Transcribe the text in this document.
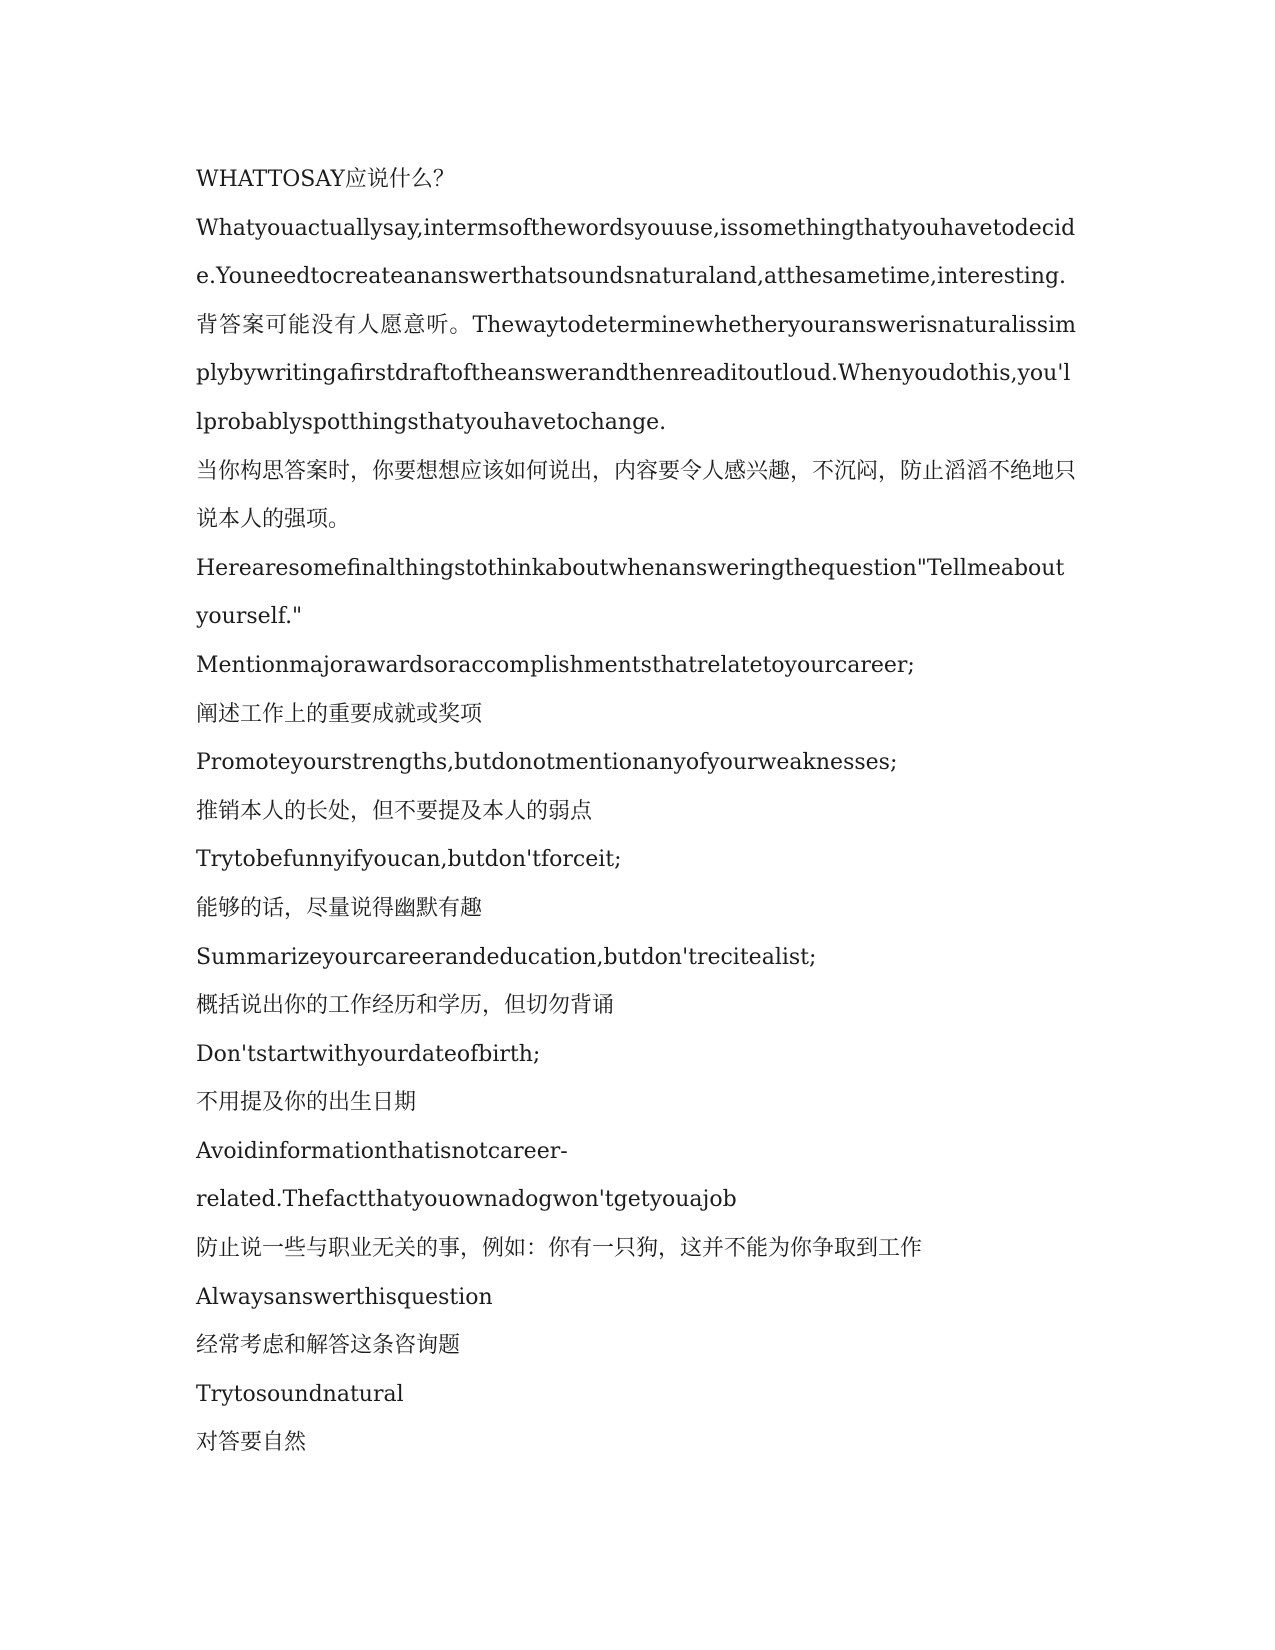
WHATTOSAY应说什么？

Whatyouactuallysay,intermsofthewordsyouuse,issomethingthatyouhavetodecide.Youneedtocreateananswerthatsoundsnaturaland,atthesametime,interesting.背答案可能没有人愿意听。Thewaytodeterminewhetheryouranswerisnaturalissimplybywritingafirstdraftoftheanswerandthenreaditoutloud.Whenyoudothis,you'llprobablyspotthingsthatyouhavetochange.

当你构思答案时，你要想想应该如何说出，内容要令人感兴趣，不沉闷，防止滔滔不绝地只说本人的强项。

Herearesomefinalthingstothinkaboutwhenansweringthequestion"Tellmeaboutyourself."

Mentionmajorawardsoraccomplishmentsthatrelatetoyourcareer;

阐述工作上的重要成就或奖项

Promoteyourstrengths,butdonotmentionanyofyourweaknesses;

推销本人的长处，但不要提及本人的弱点

Trytobefunnyifyoucan,butdon'tforceit;

能够的话，尽量说得幽默有趣

Summarizeyourcareerandeducation,butdon'trecitealist;

概括说出你的工作经历和学历，但切勿背诵

Don'tstartwithyourdateofbirth;

不用提及你的出生日期

Avoidinformationthatisnotcareer-

related.Thefactthatyouownadogwon'tgetyouajob

防止说一些与职业无关的事，例如：你有一只狗，这并不能为你争取到工作

Alwaysanswerthisquestion

经常考虑和解答这条咨询题

Trytosoundnatural

对答要自然
